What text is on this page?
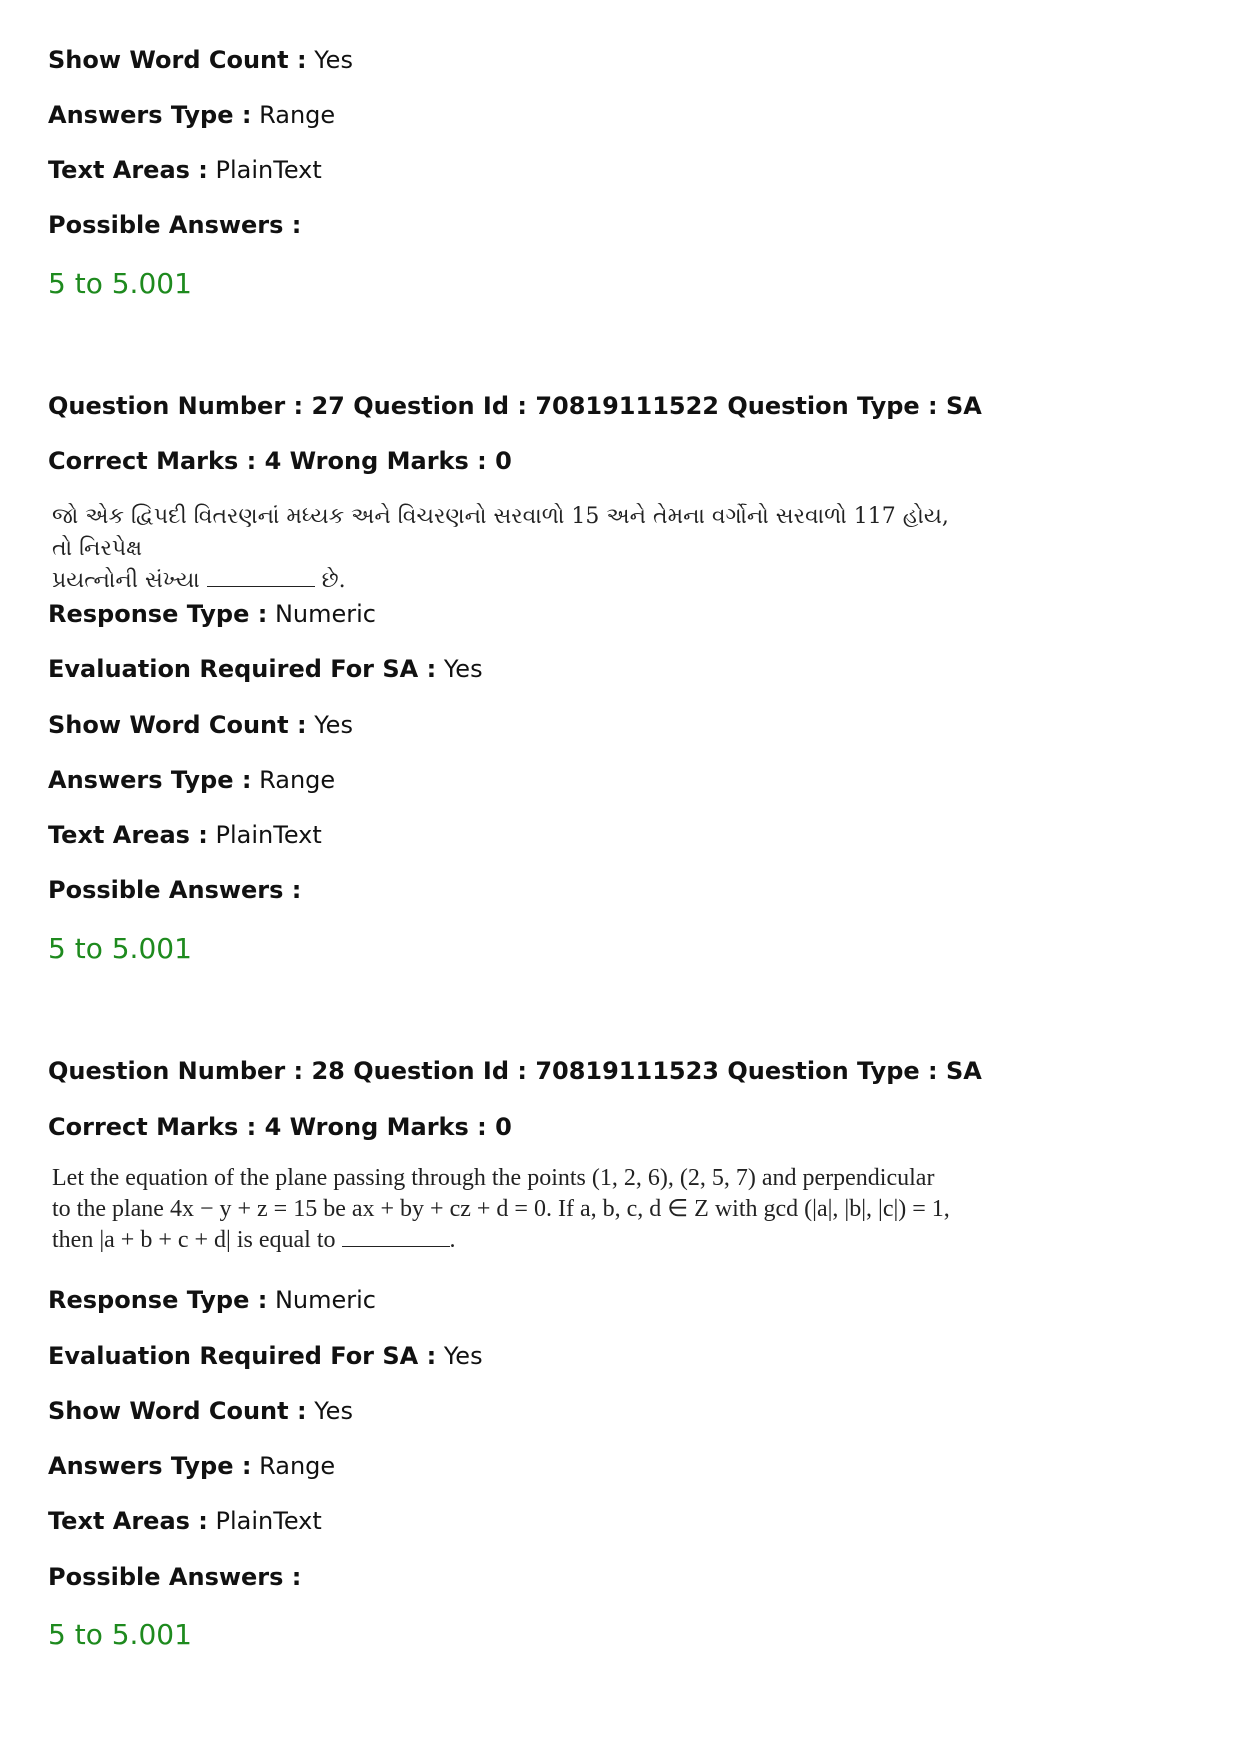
Show Word Count : Yes
Answers Type : Range
Text Areas : PlainText
Possible Answers :
5 to 5.001
Question Number : 27 Question Id : 70819111522 Question Type : SA
Correct Marks : 4 Wrong Marks : 0
જો એક દ્વિપદી વિતરણનાં મધ્યક અને વિચરણનો સરવાળો 15 અને તેમના વર્ગોનો સરવાળો 117 હોય, તો નિરપેક્ષ
પ્રયત્નોની સંખ્યા	છે.
Response Type : Numeric
Evaluation Required For SA : Yes
Show Word Count : Yes
Answers Type : Range
Text Areas : PlainText
Possible Answers :
5 to 5.001
Question Number : 28 Question Id : 70819111523 Question Type : SA
Correct Marks : 4 Wrong Marks : 0
Let the equation of the plane passing through the points (1, 2, 6), (2, 5, 7) and perpendicular
to the plane 4x − y + z = 15 be ax + by + cz + d = 0. If a, b, c, d ∈ Z with gcd (|a|, |b|, |c|) = 1,
then |a + b + c + d| is equal to	.
Response Type : Numeric
Evaluation Required For SA : Yes
Show Word Count : Yes
Answers Type : Range
Text Areas : PlainText
Possible Answers :
5 to 5.001
